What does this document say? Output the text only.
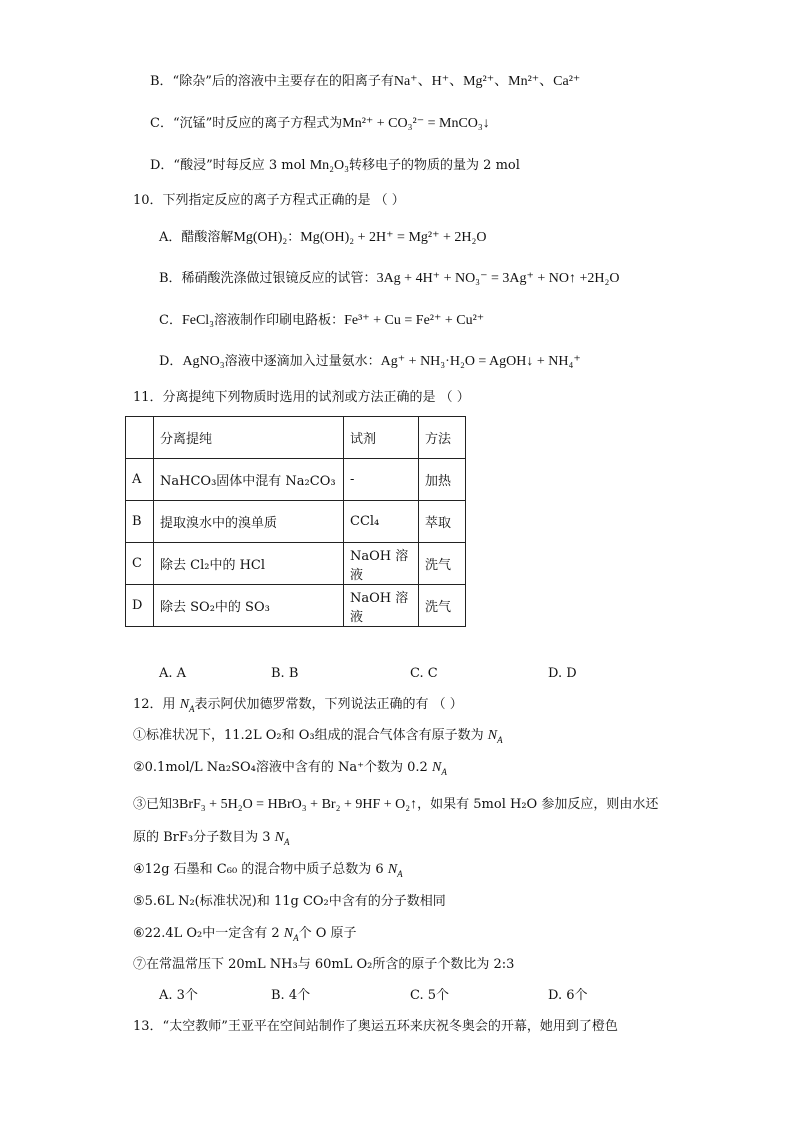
B．“除杂”后的溶液中主要存在的阳离子有Na⁺、H⁺、Mg²⁺、Mn²⁺、Ca²⁺
C．“沉锰”时反应的离子方程式为Mn²⁺ + CO₃²⁻ = MnCO₃↓
D．“酸浸”时每反应 3 mol Mn₂O₃转移电子的物质的量为 2 mol
10．下列指定反应的离子方程式正确的是 （ ）
A．醋酸溶解Mg(OH)₂：Mg(OH)₂ + 2H⁺ = Mg²⁺ + 2H₂O
B．稀硝酸洗涤做过银镜反应的试管：3Ag + 4H⁺ + NO₃⁻ = 3Ag⁺ + NO↑ +2H₂O
C．FeCl₃溶液制作印刷电路板：Fe³⁺ + Cu = Fe²⁺ + Cu²⁺
D．AgNO₃溶液中逐滴加入过量氨水：Ag⁺ + NH₃·H₂O = AgOH↓ + NH₄⁺
11．分离提纯下列物质时选用的试剂或方法正确的是 （ ）
	分离提纯	试剂	方法
A	NaHCO₃固体中混有 Na₂CO₃	-	加热
B	提取溴水中的溴单质	CCl₄	萃取
C	除去 Cl₂中的 HCl	NaOH 溶液	洗气
D	除去 SO₂中的 SO₃	NaOH 溶液	洗气
A. A	B. B	C. C	D. D
12．用 $N_A$表示阿伏加德罗常数，下列说法正确的有 （ ）
①标准状况下，11.2L O₂和 O₃组成的混合气体含有原子数为 $N_A$
②0.1mol/L Na₂SO₄溶液中含有的 Na⁺个数为 0.2 $N_A$
③已知3BrF₃ + 5H₂O = HBrO₃ + Br₂ + 9HF + O₂↑，如果有 5mol H₂O 参加反应，则由水还
原的 BrF₃分子数目为 3 $N_A$
④12g 石墨和 C₆₀ 的混合物中质子总数为 6 $N_A$
⑤5.6L N₂(标准状况)和 11g CO₂中含有的分子数相同
⑥22.4L O₂中一定含有 2 $N_A$个 O 原子
⑦在常温常压下 20mL NH₃与 60mL O₂所含的原子个数比为 2:3
A. 3个	B. 4个	C. 5个	D. 6个
13．“太空教师”王亚平在空间站制作了奥运五环来庆祝冬奥会的开幕，她用到了橙色
